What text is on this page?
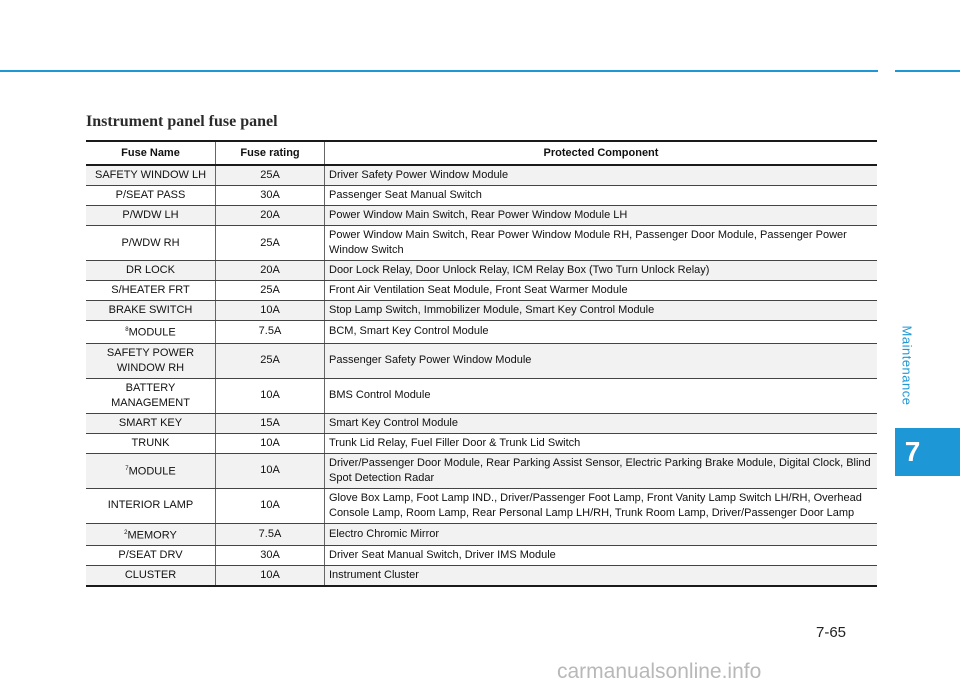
Maintenance
7
Instrument panel fuse panel
Fuse Name	Fuse rating	Protected Component
SAFETY WINDOW LH	25A	Driver Safety Power Window Module
P/SEAT PASS	30A	Passenger Seat Manual Switch
P/WDW LH	20A	Power Window Main Switch, Rear Power Window Module LH
P/WDW RH	25A	Power Window Main Switch, Rear Power Window Module RH, Passenger Door Module, Passenger Power Window Switch
DR LOCK	20A	Door Lock Relay, Door Unlock Relay, ICM Relay Box (Two Turn Unlock Relay)
S/HEATER FRT	25A	Front Air Ventilation Seat Module, Front Seat Warmer Module
BRAKE SWITCH	10A	Stop Lamp Switch, Immobilizer Module, Smart Key Control Module
$^8$MODULE	7.5A	BCM, Smart Key Control Module
SAFETY POWER WINDOW RH	25A	Passenger Safety Power Window Module
BATTERY MANAGEMENT	10A	BMS Control Module
SMART KEY	15A	Smart Key Control Module
TRUNK	10A	Trunk Lid Relay, Fuel Filler Door & Trunk Lid Switch
$^7$MODULE	10A	Driver/Passenger Door Module, Rear Parking Assist Sensor, Electric Parking Brake Module, Digital Clock, Blind Spot Detection Radar
INTERIOR LAMP	10A	Glove Box Lamp, Foot Lamp IND., Driver/Passenger Foot Lamp, Front Vanity Lamp Switch LH/RH, Overhead Console Lamp, Room Lamp, Rear Personal Lamp LH/RH, Trunk Room Lamp, Driver/Passenger Door Lamp
$^2$MEMORY	7.5A	Electro Chromic Mirror
P/SEAT DRV	30A	Driver Seat Manual Switch, Driver IMS Module
CLUSTER	10A	Instrument Cluster
7-65
carmanualsonline.info
